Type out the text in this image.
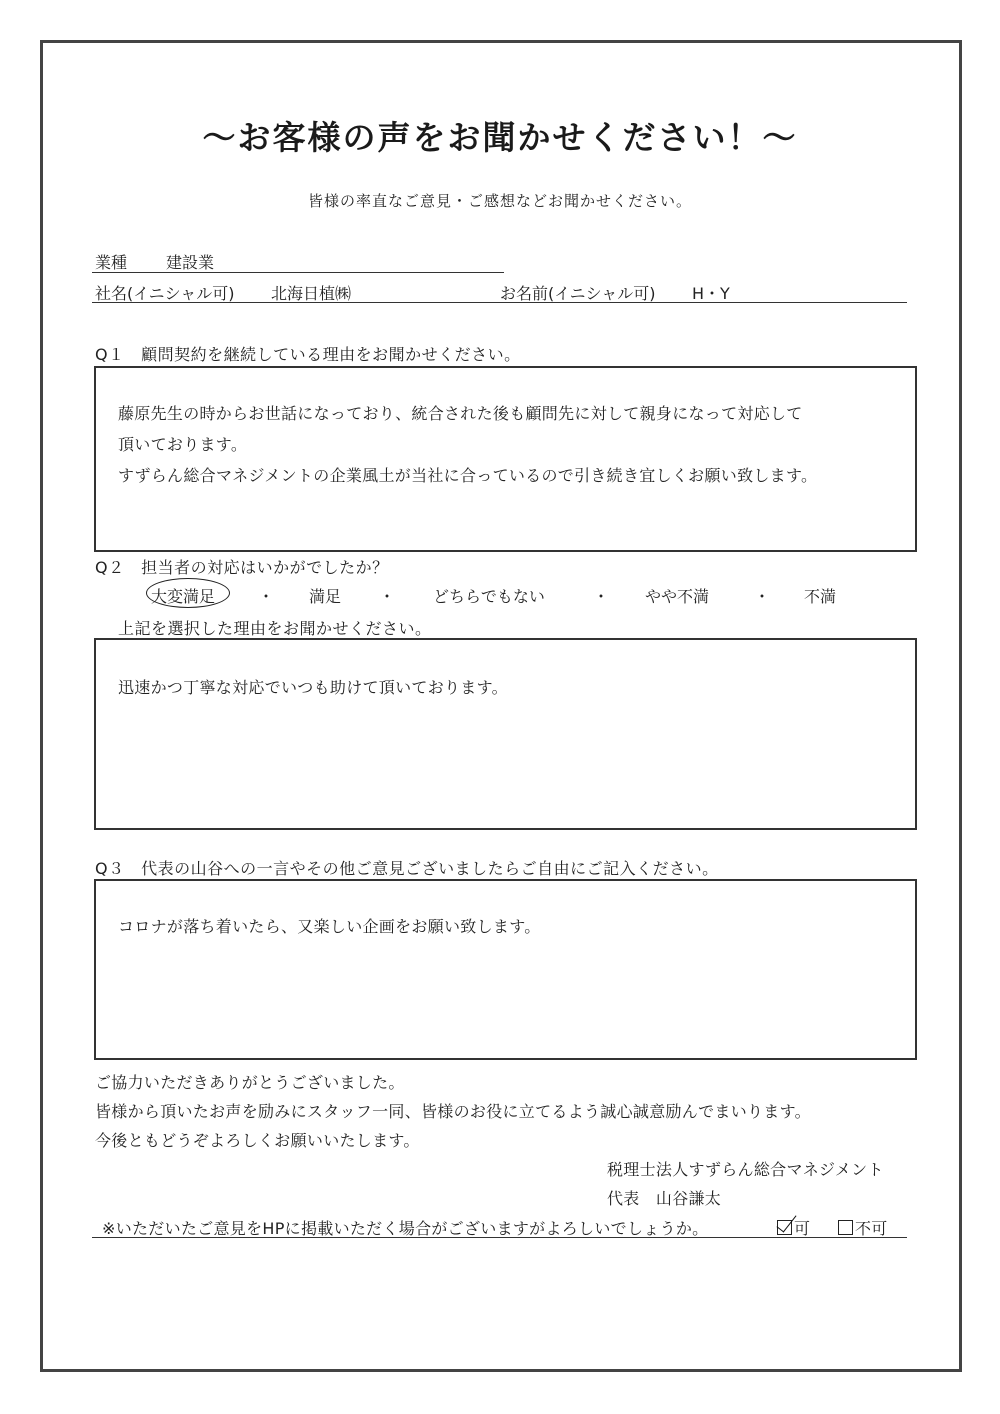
〜お客様の声をお聞かせください！〜
皆様の率直なご意見・ご感想などお聞かせください。
業種 建設業
社名(イニシャル可) 北海日植㈱	お名前(イニシャル可) H・Y
Q１　顧問契約を継続している理由をお聞かせください。
藤原先生の時からお世話になっており、統合された後も顧問先に対して親身になって対応して
頂いております。
すずらん総合マネジメントの企業風土が当社に合っているので引き続き宜しくお願い致します。
Q２　担当者の対応はいかがでしたか？
大変満足	・ 満足 ・ どちらでもない	・ やや不満	・ 不満
上記を選択した理由をお聞かせください。
迅速かつ丁寧な対応でいつも助けて頂いております。
Q３　代表の山谷への一言やその他ご意見ございましたらご自由にご記入ください。
コロナが落ち着いたら、又楽しい企画をお願い致します。
ご協力いただきありがとうございました。
皆様から頂いたお声を励みにスタッフ一同、皆様のお役に立てるよう誠心誠意励んでまいります。
今後ともどうぞよろしくお願いいたします。
税理士法人すずらん総合マネジメント
代表　山谷謙太
※いただいたご意見をHPに掲載いただく場合がございますがよろしいでしょうか。	可	不可
